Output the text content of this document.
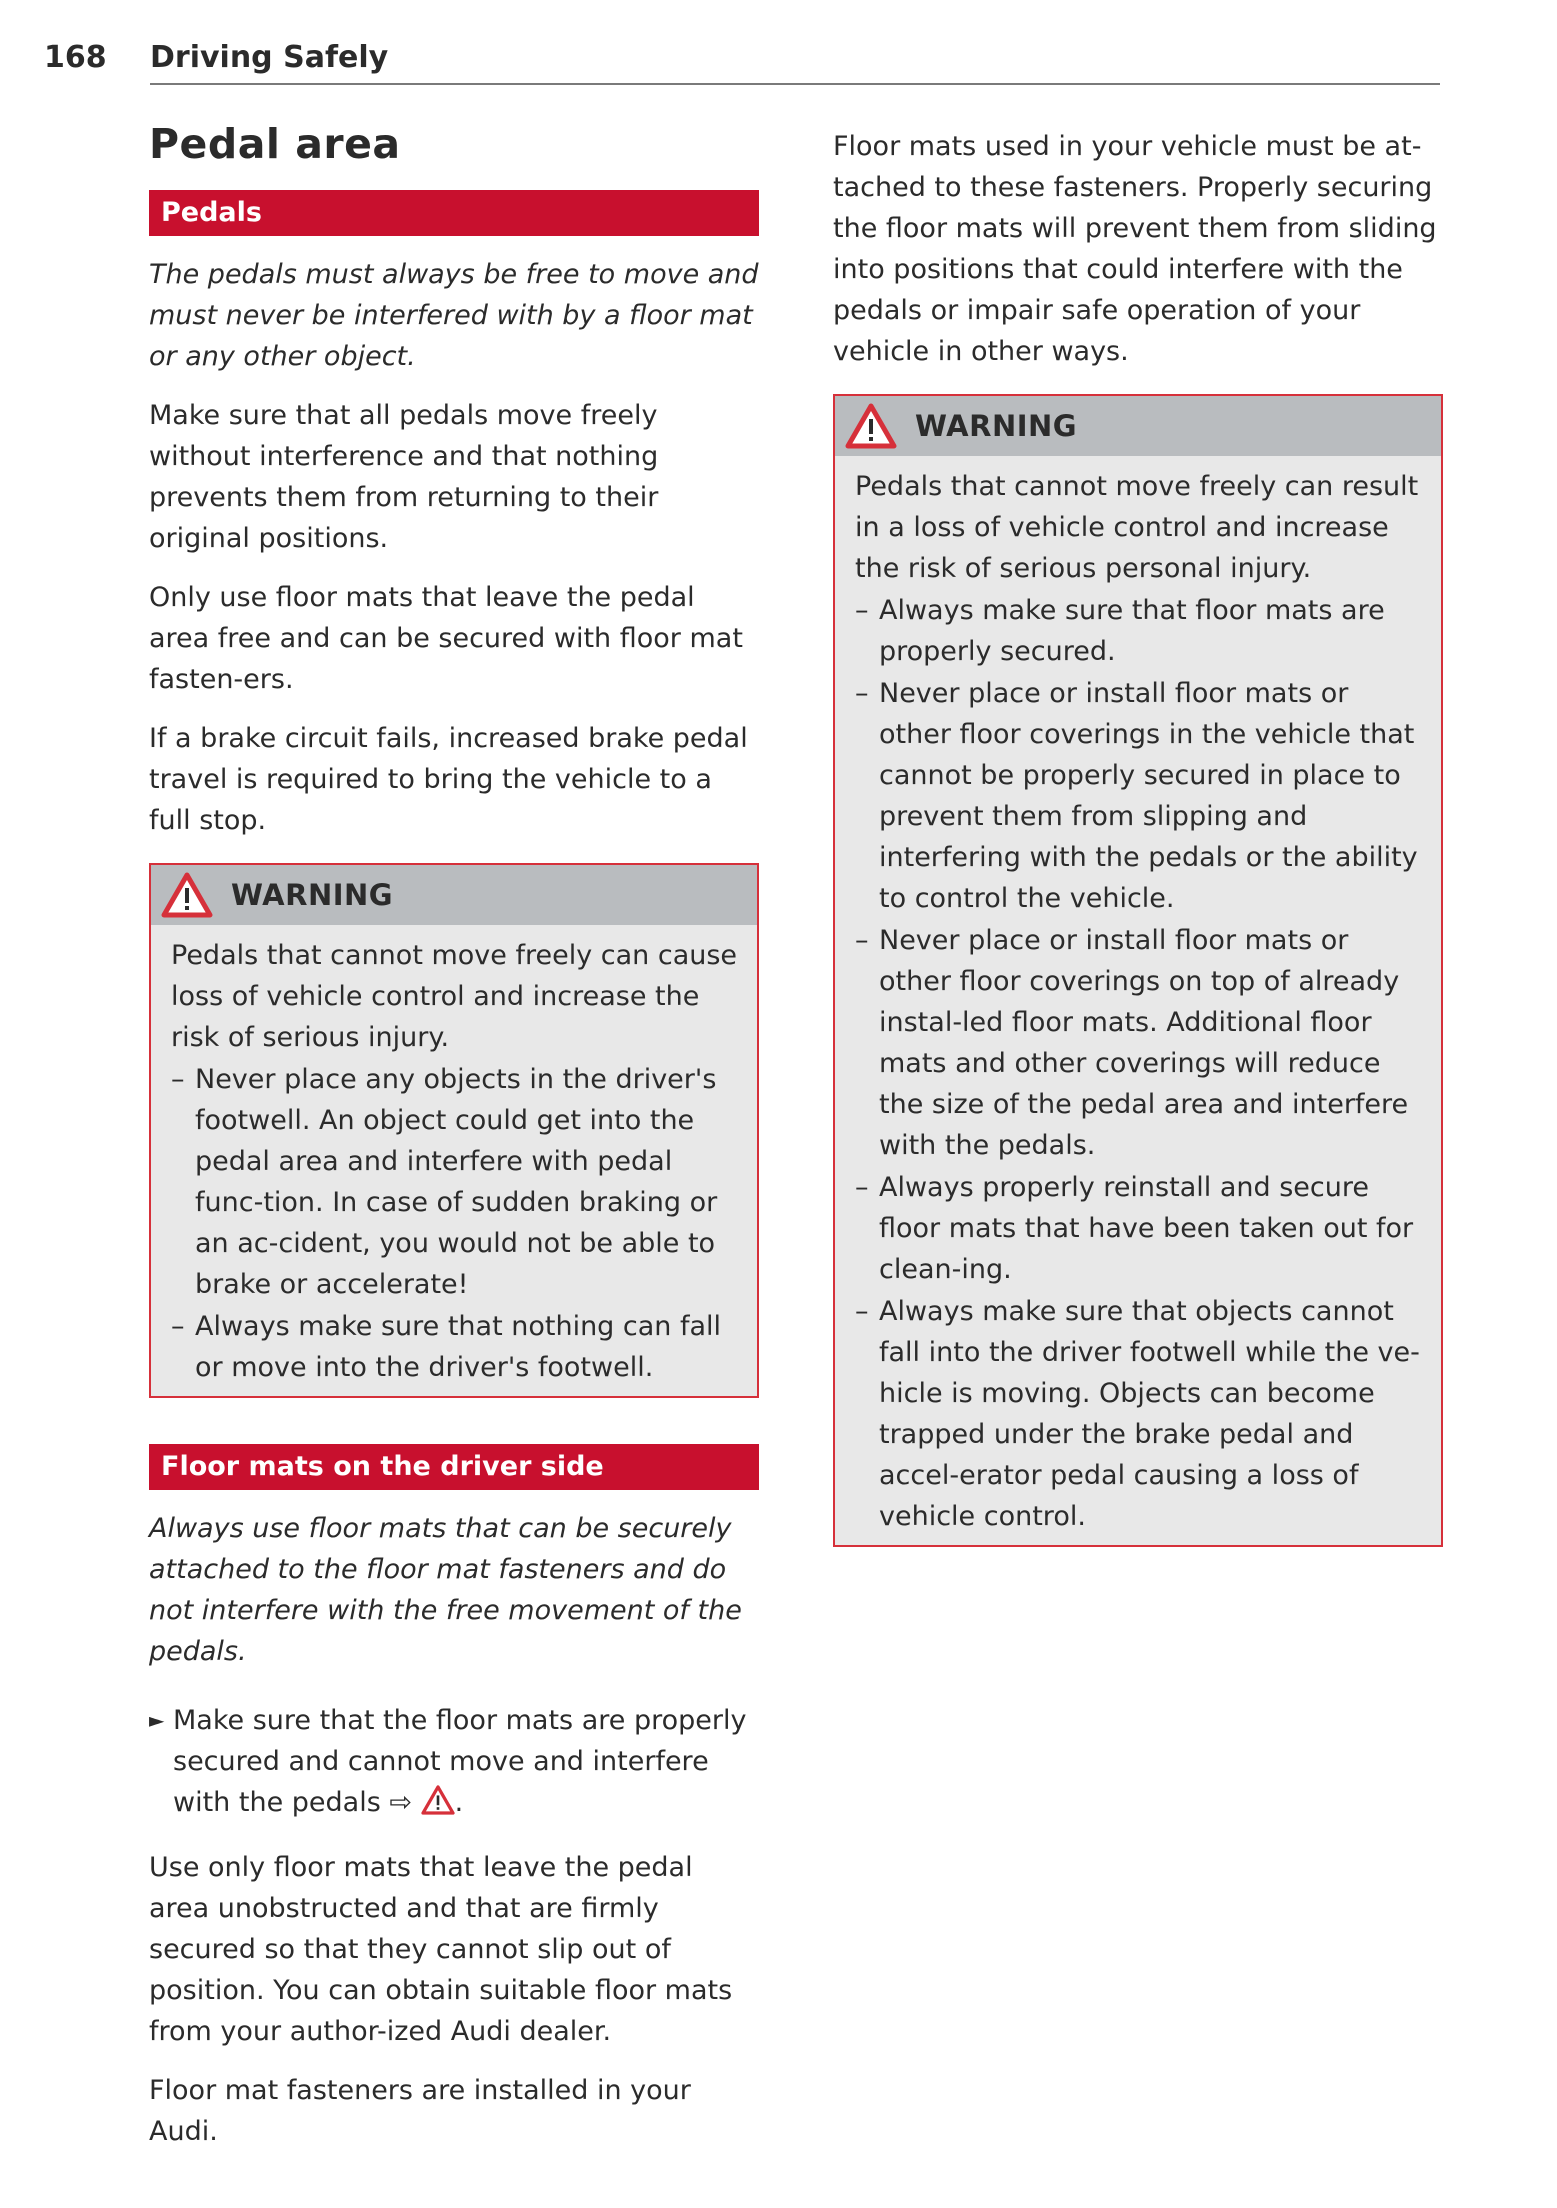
168 Driving Safely
Pedal area
Pedals

The pedals must always be free to move and must never be interfered with by a floor mat or any other object.

Make sure that all pedals move freely without interference and that nothing prevents them from returning to their original positions.

Only use floor mats that leave the pedal area free and can be secured with floor mat fasten-ers.

If a brake circuit fails, increased brake pedal travel is required to bring the vehicle to a full stop.

WARNING

Pedals that cannot move freely can cause loss of vehicle control and increase the risk of serious injury.

– Never place any objects in the driver's footwell. An object could get into the pedal area and interfere with pedal func-tion. In case of sudden braking or an ac-cident, you would not be able to brake or accelerate!
– Always make sure that nothing can fall or move into the driver's footwell.
Floor mats on the driver side

Always use floor mats that can be securely attached to the floor mat fasteners and do not interfere with the free movement of the pedals.

► Make sure that the floor mats are properly secured and cannot move and interfere with the pedals ⇨ .

Use only floor mats that leave the pedal area unobstructed and that are firmly secured so that they cannot slip out of position. You can obtain suitable floor mats from your author-ized Audi dealer.

Floor mat fasteners are installed in your Audi.

Floor mats used in your vehicle must be at-tached to these fasteners. Properly securing the floor mats will prevent them from sliding into positions that could interfere with the pedals or impair safe operation of your vehicle in other ways.

WARNING

Pedals that cannot move freely can result in a loss of vehicle control and increase the risk of serious personal injury.

– Always make sure that floor mats are properly secured.
– Never place or install floor mats or other floor coverings in the vehicle that cannot be properly secured in place to prevent them from slipping and interfering with the pedals or the ability to control the vehicle.
– Never place or install floor mats or other floor coverings on top of already instal-led floor mats. Additional floor mats and other coverings will reduce the size of the pedal area and interfere with the pedals.
– Always properly reinstall and secure floor mats that have been taken out for clean-ing.
– Always make sure that objects cannot fall into the driver footwell while the ve-hicle is moving. Objects can become trapped under the brake pedal and accel-erator pedal causing a loss of vehicle control.
